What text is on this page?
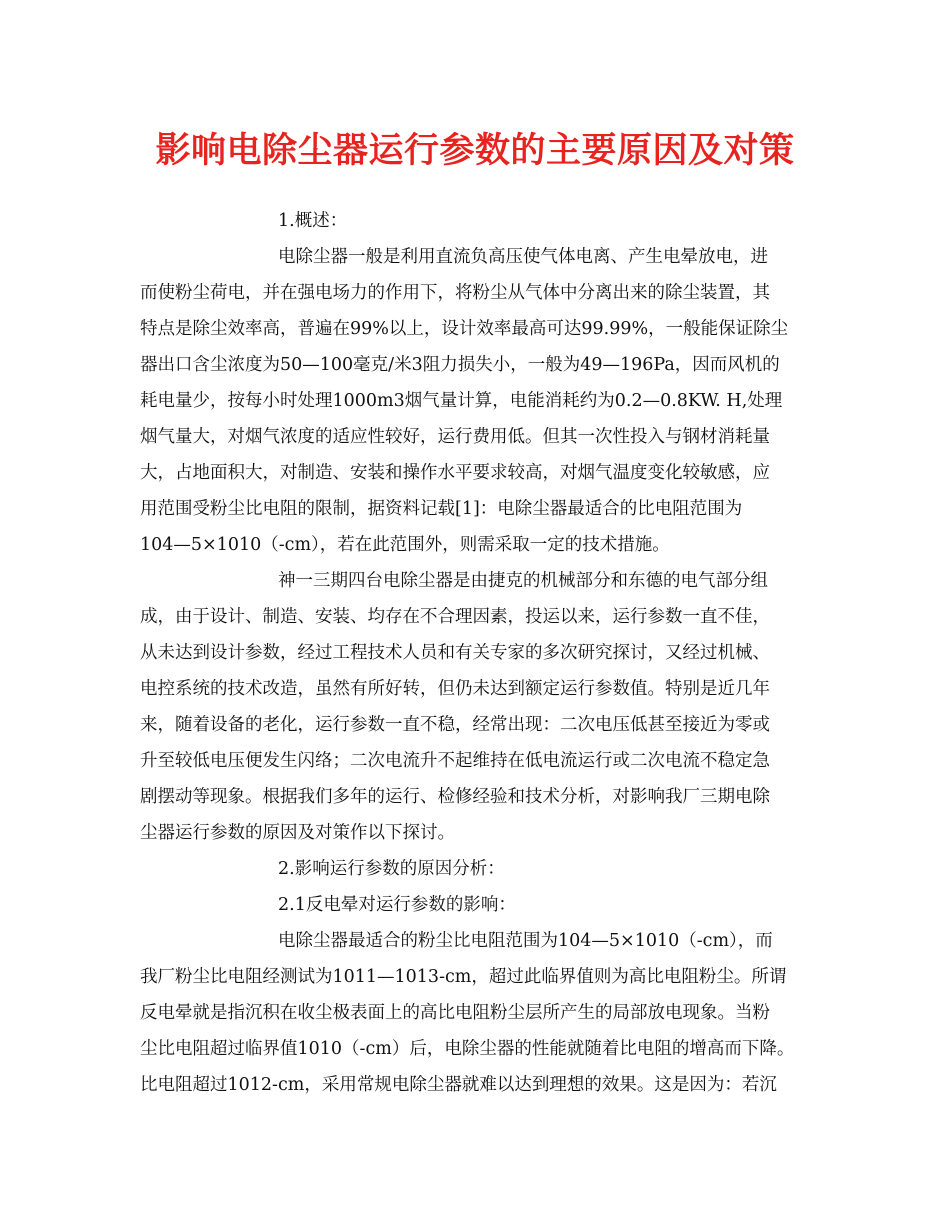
影响电除尘器运行参数的主要原因及对策
1.概述：
电除尘器一般是利用直流负高压使气体电离、产生电晕放电，进
而使粉尘荷电，并在强电场力的作用下，将粉尘从气体中分离出来的除尘装置，其
特点是除尘效率高，普遍在99%以上，设计效率最高可达99.99%，一般能保证除尘
器出口含尘浓度为50—100毫克/米3阻力损失小，一般为49—196Pa，因而风机的
耗电量少，按每小时处理1000m3烟气量计算，电能消耗约为0.2—0.8KW. H,处理
烟气量大，对烟气浓度的适应性较好，运行费用低。但其一次性投入与钢材消耗量
大，占地面积大，对制造、安装和操作水平要求较高，对烟气温度变化较敏感，应
用范围受粉尘比电阻的限制，据资料记载[1]：电除尘器最适合的比电阻范围为
104—5×1010（-cm），若在此范围外，则需采取一定的技术措施。
神一三期四台电除尘器是由捷克的机械部分和东德的电气部分组
成，由于设计、制造、安装、均存在不合理因素，投运以来，运行参数一直不佳，
从未达到设计参数，经过工程技术人员和有关专家的多次研究探讨，又经过机械、
电控系统的技术改造，虽然有所好转，但仍未达到额定运行参数值。特别是近几年
来，随着设备的老化，运行参数一直不稳，经常出现：二次电压低甚至接近为零或
升至较低电压便发生闪络；二次电流升不起维持在低电流运行或二次电流不稳定急
剧摆动等现象。根据我们多年的运行、检修经验和技术分析，对影响我厂三期电除
尘器运行参数的原因及对策作以下探讨。
2.影响运行参数的原因分析：
2.1反电晕对运行参数的影响：
电除尘器最适合的粉尘比电阻范围为104—5×1010（-cm），而
我厂粉尘比电阻经测试为1011—1013-cm，超过此临界值则为高比电阻粉尘。所谓
反电晕就是指沉积在收尘极表面上的高比电阻粉尘层所产生的局部放电现象。当粉
尘比电阻超过临界值1010（-cm）后，电除尘器的性能就随着比电阻的增高而下降。
比电阻超过1012-cm，采用常规电除尘器就难以达到理想的效果。这是因为：若沉
